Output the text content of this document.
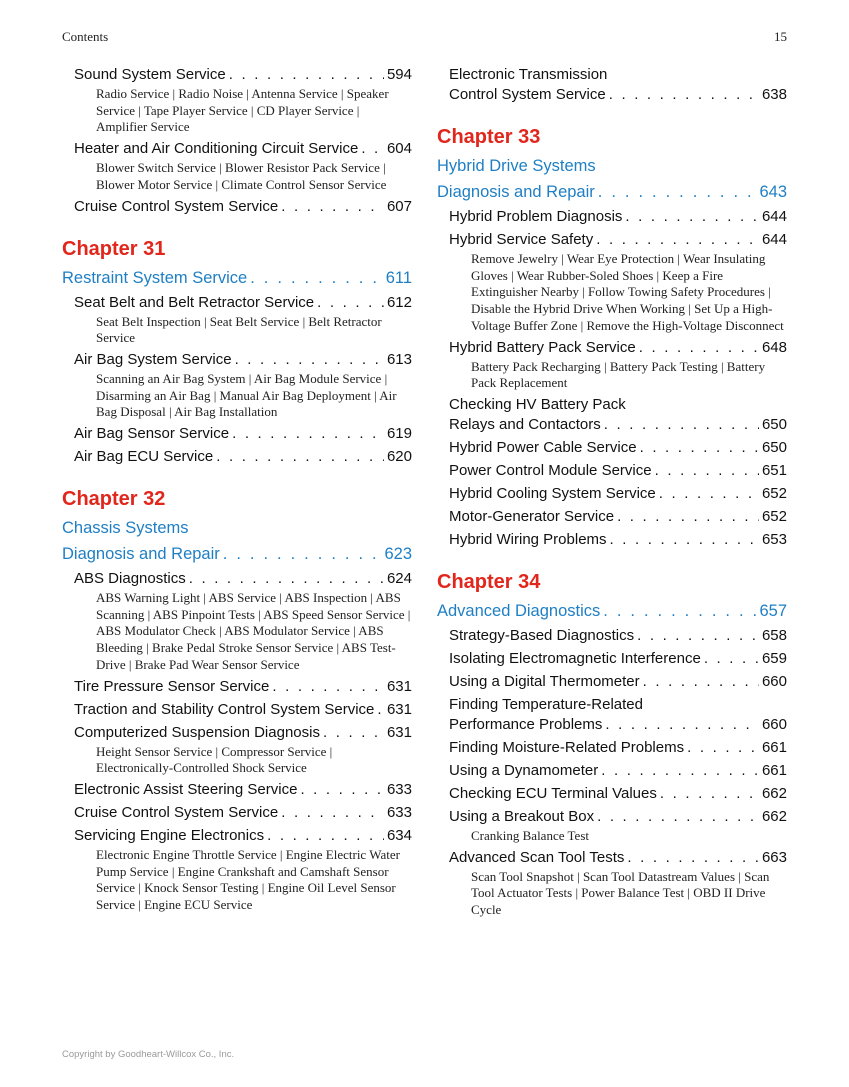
Contents	15
Sound System Service . . .	594
Radio Service | Radio Noise | Antenna Service | Speaker Service | Tape Player Service | CD Player Service | Amplifier Service
Heater and Air Conditioning Circuit Service . . . 604
Blower Switch Service | Blower Resistor Pack Service | Blower Motor Service | Climate Control Sensor Service
Cruise Control System Service . . .	607
Chapter 31
Restraint System Service . . .	611
Seat Belt and Belt Retractor Service . . .	612
Seat Belt Inspection | Seat Belt Service | Belt Retractor Service
Air Bag System Service . . .	613
Scanning an Air Bag System | Air Bag Module Service | Disarming an Air Bag | Manual Air Bag Deployment | Air Bag Disposal | Air Bag Installation
Air Bag Sensor Service . . .	619
Air Bag ECU Service . . .	620
Chapter 32
Chassis Systems
Diagnosis and Repair . . .	623
ABS Diagnostics . . .	624
ABS Warning Light | ABS Service | ABS Inspection | ABS Scanning | ABS Pinpoint Tests | ABS Speed Sensor Service | ABS Modulator Check | ABS Modulator Service | ABS Bleeding | Brake Pedal Stroke Sensor Service | ABS Test-Drive | Brake Pad Wear Sensor Service
Tire Pressure Sensor Service . . .	631
Traction and Stability Control System Service . . . 631
Computerized Suspension Diagnosis . . .	631
Height Sensor Service | Compressor Service | Electronically-Controlled Shock Service
Electronic Assist Steering Service . . .	633
Cruise Control System Service . . .	633
Servicing Engine Electronics . . .	634
Electronic Engine Throttle Service | Engine Electric Water Pump Service | Engine Crankshaft and Camshaft Sensor Service | Knock Sensor Testing | Engine Oil Level Sensor Service | Engine ECU Service
Electronic Transmission
Control System Service . . .	638
Chapter 33
Hybrid Drive Systems
Diagnosis and Repair . . .	643
Hybrid Problem Diagnosis . . .	644
Hybrid Service Safety . . .	644
Remove Jewelry | Wear Eye Protection | Wear Insulating Gloves | Wear Rubber-Soled Shoes | Keep a Fire Extinguisher Nearby | Follow Towing Safety Procedures | Disable the Hybrid Drive When Working | Set Up a High-Voltage Buffer Zone | Remove the High-Voltage Disconnect
Hybrid Battery Pack Service . . .	648
Battery Pack Recharging | Battery Pack Testing | Battery Pack Replacement
Checking HV Battery Pack
Relays and Contactors . . .	650
Hybrid Power Cable Service . . .	650
Power Control Module Service . . .	651
Hybrid Cooling System Service . . .	652
Motor-Generator Service . . .	652
Hybrid Wiring Problems . . .	653
Chapter 34
Advanced Diagnostics . . .	657
Strategy-Based Diagnostics . . .	658
Isolating Electromagnetic Interference . . .	659
Using a Digital Thermometer . . .	660
Finding Temperature-Related
Performance Problems . . .	660
Finding Moisture-Related Problems . . .	661
Using a Dynamometer . . .	661
Checking ECU Terminal Values . . .	662
Using a Breakout Box . . .	662
Cranking Balance Test
Advanced Scan Tool Tests . . .	663
Scan Tool Snapshot | Scan Tool Datastream Values | Scan Tool Actuator Tests | Power Balance Test | OBD II Drive Cycle
Copyright by Goodheart-Willcox Co., Inc.
